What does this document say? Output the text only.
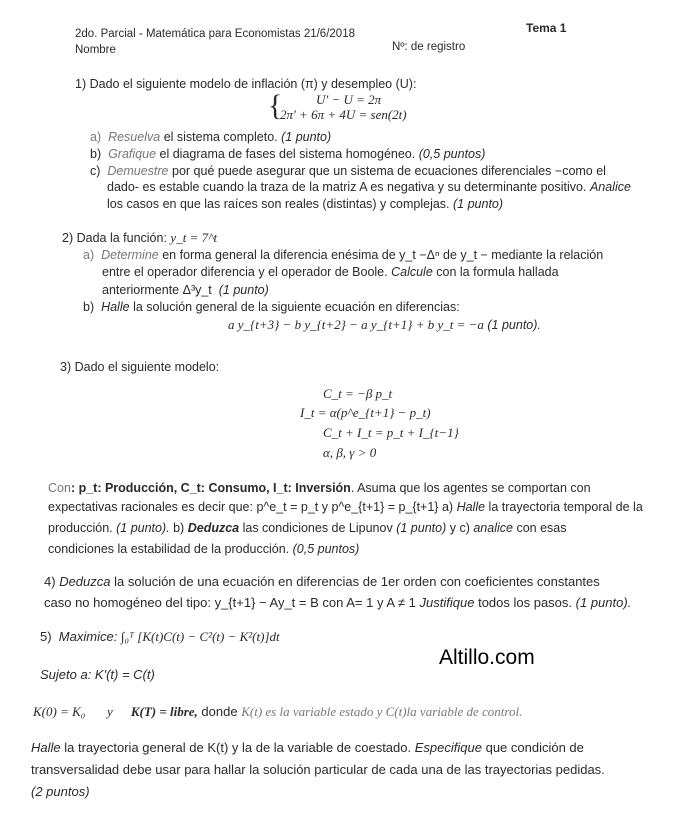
2do. Parcial - Matemática para Economistas 21/6/2018
Nombre	Nº: de registro
Tema 1
1) Dado el siguiente modelo de inflación (π) y desempleo (U):
{	U' − U = 2π
2π' + 6π + 4U = sen(2t)
a) Resuelva el sistema completo. (1 punto)
b) Grafique el diagrama de fases del sistema homogéneo. (0,5 puntos)
c) Demuestre por qué puede asegurar que un sistema de ecuaciones diferenciales −como el
dado- es estable cuando la traza de la matriz A es negativa y su determinante positivo. Analice
los casos en que las raíces son reales (distintas) y complejas. (1 punto)
2) Dada la función: y_t = 7^t
a) Determine en forma general la diferencia enésima de y_t −Δⁿ de y_t − mediante la relación
entre el operador diferencia y el operador de Boole. Calcule con la formula hallada
anteriormente Δ³y_t (1 punto)
b) Halle la solución general de la siguiente ecuación en diferencias:
a y_{t+3} − b y_{t+2} − a y_{t+1} + b y_t = −a (1 punto).
3) Dado el siguiente modelo:
C_t = −β p_t
I_t = α(p^e_{t+1} − p_t)
C_t + I_t = p_t + I_{t−1}
α, β, γ > 0
Con: p_t: Producción, C_t: Consumo, I_t: Inversión. Asuma que los agentes se comportan con
expectativas racionales es decir que: p^e_t = p_t y p^e_{t+1} = p_{t+1} a) Halle la trayectoria temporal de la
producción. (1 punto). b) Deduzca las condiciones de Lipunov (1 punto) y c) analice con esas
condiciones la estabilidad de la producción. (0,5 puntos)
4) Deduzca la solución de una ecuación en diferencias de 1er orden con coeficientes constantes
caso no homogéneo del tipo: y_{t+1} − Ay_t = B con A= 1 y A ≠ 1 Justifique todos los pasos. (1 punto).
5) Maximice: ∫₀ᵀ [K(t)C(t) − C²(t) − K²(t)]dt
Sujeto a: K'(t) = C(t)
Altillo.com
K(0) = K₀ y K(T) = libre, donde K(t) es la variable estado y C(t)la variable de control.
Halle la trayectoria general de K(t) y la de la variable de coestado. Especifique que condición de
transversalidad debe usar para hallar la solución particular de cada una de las trayectorias pedidas.
(2 puntos)
